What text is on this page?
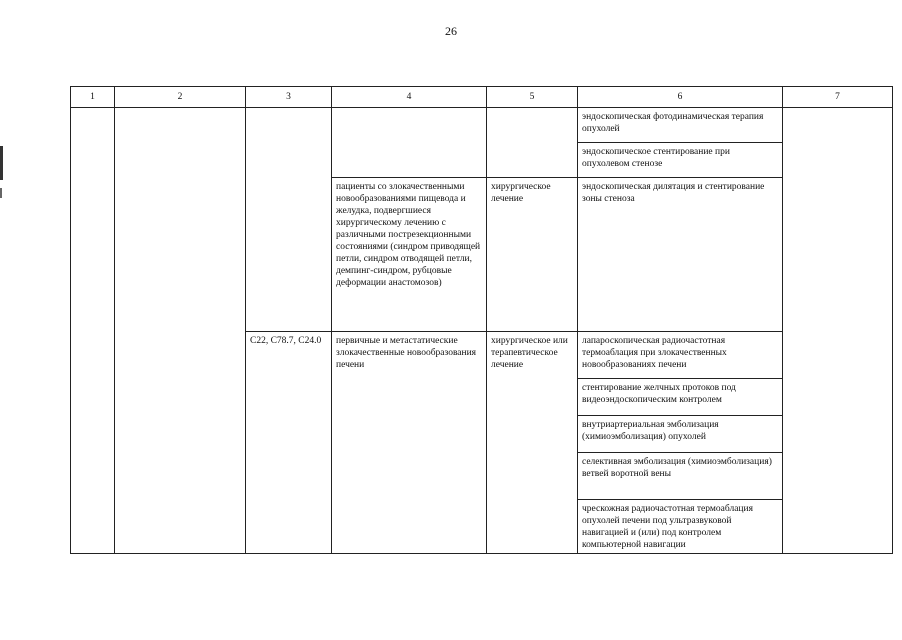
26
1	2	3	4	5	6	7
					эндоскопическая фотодинамическая терапия опухолей	
					эндоскопическое стентирование при опухолевом стенозе	
			пациенты со злокачественными новообразованиями пищевода и желудка, подвергшиеся хирургическому лечению с различными пострезекционными состояниями (синдром приводящей петли, синдром отводящей петли, демпинг-синдром, рубцовые деформации анастомозов)	хирургическое лечение	эндоскопическая дилятация и стентирование зоны стеноза	
		C22, C78.7, C24.0	первичные и метастатические злокачественные новообразования печени	хирургическое или терапевтическое лечение	лапароскопическая радиочастотная термоаблация при злокачественных новообразованиях печени	
					стентирование желчных протоков под видеоэндоскопическим контролем	
					внутриартериальная эмболизация (химиоэмболизация) опухолей	
					селективная эмболизация (химиоэмболизация) ветвей воротной вены	
					чрескожная радиочастотная термоаблация опухолей печени под ультразвуковой навигацией и (или) под контролем компьютерной навигации	
